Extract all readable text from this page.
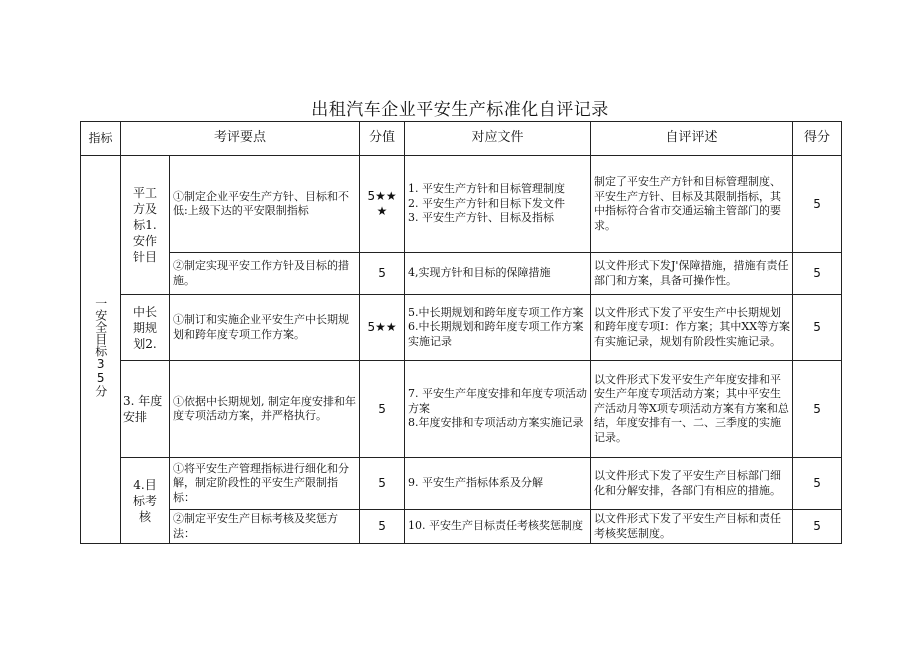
出租汽车企业平安生产标准化自评记录
指标	考评要点		分值	对应文件	自评评述	得分
一安全目标35分	平工方及标1.安作针目	①制定企业平安生产方针、目标和不低:上级下达的平安限制指标	5★★★	1. 平安生产方针和目标管理制度
2. 平安生产方针和目标下发文件
3. 平安生产方针、目标及指标	制定了平安生产方针和目标管理制度、平安生产方针、目标及其限制指标，其中指标符合省市交通运输主管部门的要求。	5
		②制定实现平安工作方针及目标的措施。	5	4,实现方针和目标的保障措施	以文件形式下发J'保障措施，措施有责任部门和方案，具备可操作性。	5
	中长期规划2.	①制订和实施企业平安生产中长期规划和跨年度专项工作方案。	5★★	5.中长期规划和跨年度专项工作方案
6.中长期规划和跨年度专项工作方案实施记录	以文件形式下发了平安生产中长期规划和跨年度专项I：作方案；其中XX等方案有实施记录，规划有阶段性实施记录。	5
	3. 年度安排	①依据中长期规划, 制定年度安排和年度专项活动方案，并严格执行。	5	7. 平安生产年度安排和年度专项活动方案
8.年度安排和专项活动方案实施记录	以文件形式下发平安生产年度安排和平安生产年度专项活动方案；其中平安生产活动月等X项专项活动方案有方案和总结，年度安排有一、二、三季度的实施记录。	5
	4.目标考核	①将平安生产管理指标进行细化和分解，制定阶段性的平安生产限制指标：	5	9. 平安生产指标体系及分解	以文件形式下发了平安生产目标部门细化和分解安排，各部门有相应的措施。	5
		②制定平安生产目标考核及奖惩方法：	5	10. 平安生产目标责任考核奖惩制度	以文件形式下发了平安生产目标和责任考核奖惩制度。	5
